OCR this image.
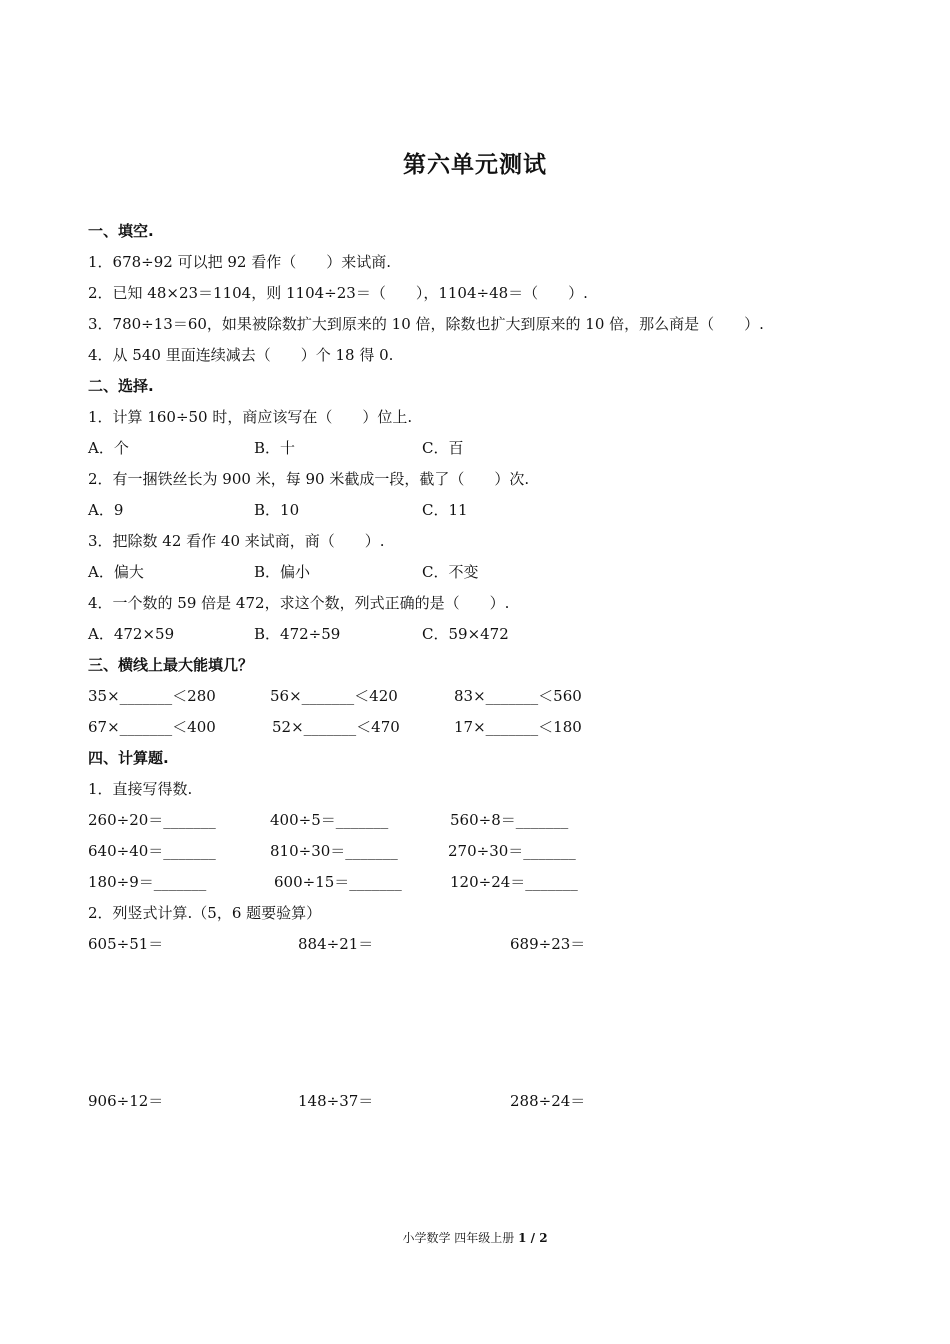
第六单元测试
一、填空.
1．678÷92 可以把 92 看作（　　）来试商.
2．已知 48×23＝1104，则 1104÷23＝（　　），1104÷48＝（　　）.
3．780÷13＝60，如果被除数扩大到原来的 10 倍，除数也扩大到原来的 10 倍，那么商是（　　）.
4．从 540 里面连续减去（　　）个 18 得 0.
二、选择.
1．计算 160÷50 时，商应该写在（　　）位上.
A．个	B．十	C．百
2．有一捆铁丝长为 900 米，每 90 米截成一段，截了（　　）次.
A．9	B．10	C．11
3．把除数 42 看作 40 来试商，商（　　）.
A．偏大	B．偏小	C．不变
4．一个数的 59 倍是 472，求这个数，列式正确的是（　　）.
A．472×59	B．472÷59	C．59×472
三、横线上最大能填几？
35×_______＜280	56×_______＜420	83×_______＜560
67×_______＜400	52×_______＜470	17×_______＜180
四、计算题.
1．直接写得数.
260÷20＝_______	400÷5＝_______	560÷8＝_______
640÷40＝_______	810÷30＝_______	270÷30＝_______
180÷9＝_______	600÷15＝_______	120÷24＝_______
2．列竖式计算.（5，6 题要验算）
605÷51＝	884÷21＝	689÷23＝
906÷12＝	148÷37＝	288÷24＝
小学数学 四年级上册 1 / 2
